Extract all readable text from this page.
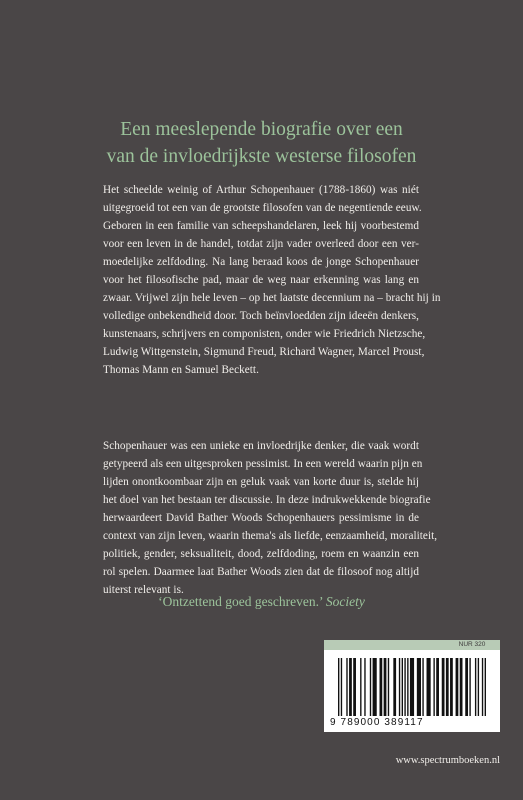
Een meeslepende biografie over een
van de invloedrijkste westerse filosofen
Het scheelde weinig of Arthur Schopenhauer (1788-1860) was niét
uitgegroeid tot een van de grootste filosofen van de negentiende eeuw.
Geboren in een familie van scheepshandelaren, leek hij voorbestemd
voor een leven in de handel, totdat zijn vader overleed door een ver-
moedelijke zelfdoding. Na lang beraad koos de jonge Schopenhauer
voor het filosofische pad, maar de weg naar erkenning was lang en
zwaar. Vrijwel zijn hele leven – op het laatste decennium na – bracht hij in
volledige onbekendheid door. Toch beïnvloedden zijn ideeën denkers,
kunstenaars, schrijvers en componisten, onder wie Friedrich Nietzsche,
Ludwig Wittgenstein, Sigmund Freud, Richard Wagner, Marcel Proust,
Thomas Mann en Samuel Beckett.
Schopenhauer was een unieke en invloedrijke denker, die vaak wordt
getypeerd als een uitgesproken pessimist. In een wereld waarin pijn en
lijden onontkoombaar zijn en geluk vaak van korte duur is, stelde hij
het doel van het bestaan ter discussie. In deze indrukwekkende biografie
herwaardeert David Bather Woods Schopenhauers pessimisme in de
context van zijn leven, waarin thema's als liefde, eenzaamheid, moraliteit,
politiek, gender, seksualiteit, dood, zelfdoding, roem en waanzin een
rol spelen. Daarmee laat Bather Woods zien dat de filosoof nog altijd
uiterst relevant is.
‘Ontzettend goed geschreven.’ Society
NUR 320
9 789000 389117
www.spectrumboeken.nl
